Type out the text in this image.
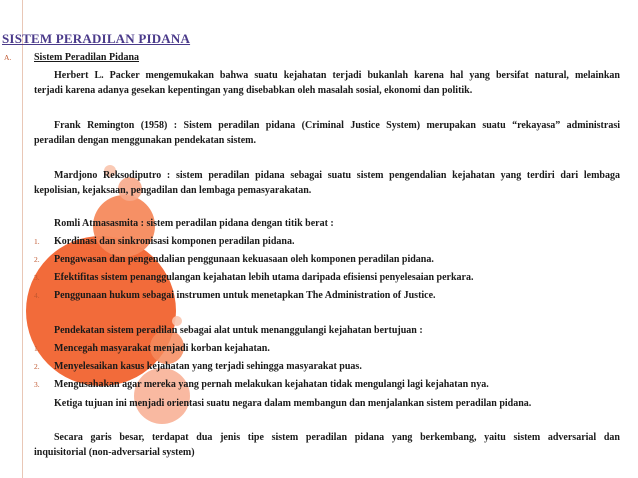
SISTEM PERADILAN PIDANA
A. Sistem Peradilan Pidana
Herbert L. Packer mengemukakan bahwa suatu kejahatan terjadi bukanlah karena hal yang bersifat natural, melainkan
terjadi karena adanya gesekan kepentingan yang disebabkan oleh masalah sosial, ekonomi dan politik.
Frank Remington (1958) : Sistem peradilan pidana (Criminal Justice System) merupakan suatu “rekayasa” administrasi
peradilan dengan menggunakan pendekatan sistem.
Mardjono Reksodiputro : sistem peradilan pidana sebagai suatu sistem pengendalian kejahatan yang terdiri dari lembaga
kepolisian, kejaksaan, pengadilan dan lembaga pemasyarakatan.
Romli Atmasasmita : sistem peradilan pidana dengan titik berat :
1. Kordinasi dan sinkronisasi komponen peradilan pidana.
2. Pengawasan dan pengendalian penggunaan kekuasaan oleh komponen peradilan pidana.
3. Efektifitas sistem penanggulangan kejahatan lebih utama daripada efisiensi penyelesaian perkara.
4. Penggunaan hukum sebagai instrumen untuk menetapkan The Administration of Justice.
Pendekatan sistem peradilan sebagai alat untuk menanggulangi kejahatan bertujuan :
1. Mencegah masyarakat menjadi korban kejahatan.
2. Menyelesaikan kasus kejahatan yang terjadi sehingga masyarakat puas.
3. Mengusahakan agar mereka yang pernah melakukan kejahatan tidak mengulangi lagi kejahatan nya.
Ketiga tujuan ini menjadi orientasi suatu negara dalam membangun dan menjalankan sistem peradilan pidana.
Secara garis besar, terdapat dua jenis tipe sistem peradilan pidana yang berkembang, yaitu sistem adversarial dan
inquisitorial (non-adversarial system)
